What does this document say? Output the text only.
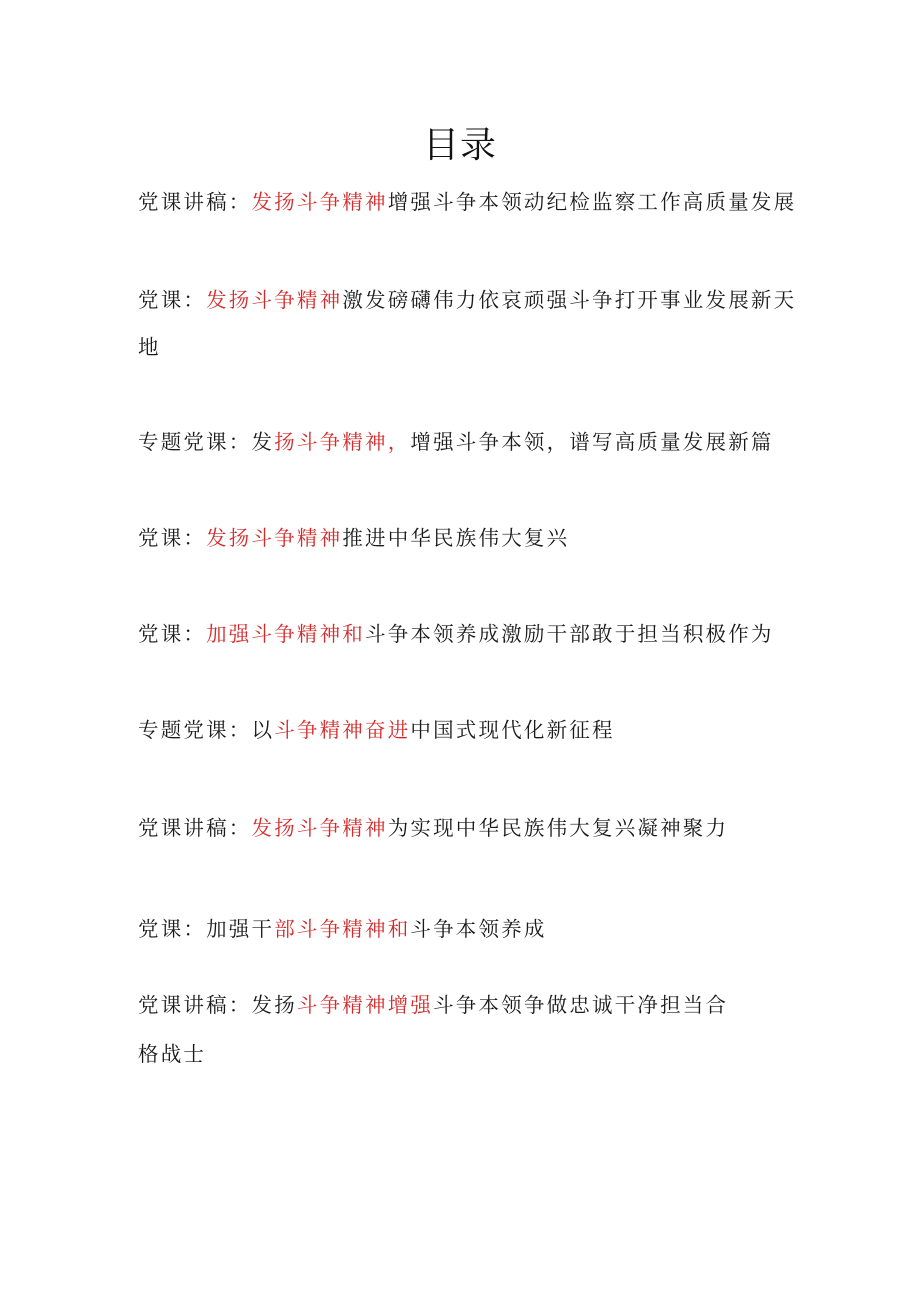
目录
党课讲稿：发扬斗争精神增强斗争本领动纪检监察工作高质量发展
党课：发扬斗争精神激发磅礴伟力依哀顽强斗争打开事业发展新天
地
专题党课：发扬斗争精神，增强斗争本领，谱写高质量发展新篇
党课：发扬斗争精神推进中华民族伟大复兴
党课：加强斗争精神和斗争本领养成激励干部敢于担当积极作为
专题党课：以斗争精神奋进中国式现代化新征程
党课讲稿：发扬斗争精神为实现中华民族伟大复兴凝神聚力
党课：加强干部斗争精神和斗争本领养成
党课讲稿：发扬斗争精神增强斗争本领争做忠诚干净担当合
格战士
